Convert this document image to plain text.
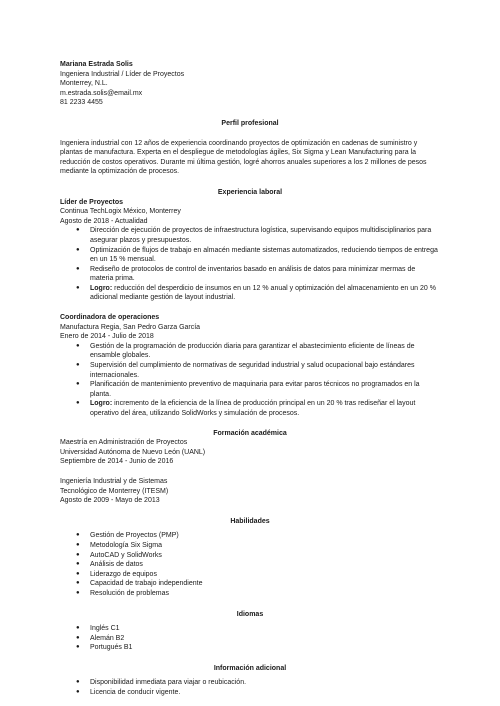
Mariana Estrada Solis
Ingeniera Industrial / Líder de Proyectos
Monterrey, N.L.
m.estrada.solis@email.mx
81 2233 4455
Perfil profesional
Ingeniera industrial con 12 años de experiencia coordinando proyectos de optimización en cadenas de suministro y plantas de manufactura. Experta en el despliegue de metodologías ágiles, Six Sigma y Lean Manufacturing para la reducción de costos operativos. Durante mi última gestión, logré ahorros anuales superiores a los 2 millones de pesos mediante la optimización de procesos.
Experiencia laboral
Líder de Proyectos
Continua TechLogix México, Monterrey
Agosto de 2018 - Actualidad
● Dirección de ejecución de proyectos de infraestructura logística, supervisando equipos multidisciplinarios para asegurar plazos y presupuestos.
● Optimización de flujos de trabajo en almacén mediante sistemas automatizados, reduciendo tiempos de entrega en un 15 % mensual.
● Rediseño de protocolos de control de inventarios basado en análisis de datos para minimizar mermas de materia prima.
● Logro: reducción del desperdicio de insumos en un 12 % anual y optimización del almacenamiento en un 20 % adicional mediante gestión de layout industrial.
Coordinadora de operaciones
Manufactura Regia, San Pedro Garza García
Enero de 2014 - Julio de 2018
● Gestión de la programación de producción diaria para garantizar el abastecimiento eficiente de líneas de ensamble globales.
● Supervisión del cumplimiento de normativas de seguridad industrial y salud ocupacional bajo estándares internacionales.
● Planificación de mantenimiento preventivo de maquinaria para evitar paros técnicos no programados en la planta.
● Logro: incremento de la eficiencia de la línea de producción principal en un 20 % tras rediseñar el layout operativo del área, utilizando SolidWorks y simulación de procesos.
Formación académica
Maestría en Administración de Proyectos
Universidad Autónoma de Nuevo León (UANL)
Septiembre de 2014 - Junio de 2016
Ingeniería Industrial y de Sistemas
Tecnológico de Monterrey (ITESM)
Agosto de 2009 - Mayo de 2013
Habilidades
● Gestión de Proyectos (PMP)
● Metodología Six Sigma
● AutoCAD y SolidWorks
● Análisis de datos
● Liderazgo de equipos
● Capacidad de trabajo independiente
● Resolución de problemas
Idiomas
● Inglés C1
● Alemán B2
● Portugués B1
Información adicional
● Disponibilidad inmediata para viajar o reubicación.
● Licencia de conducir vigente.
